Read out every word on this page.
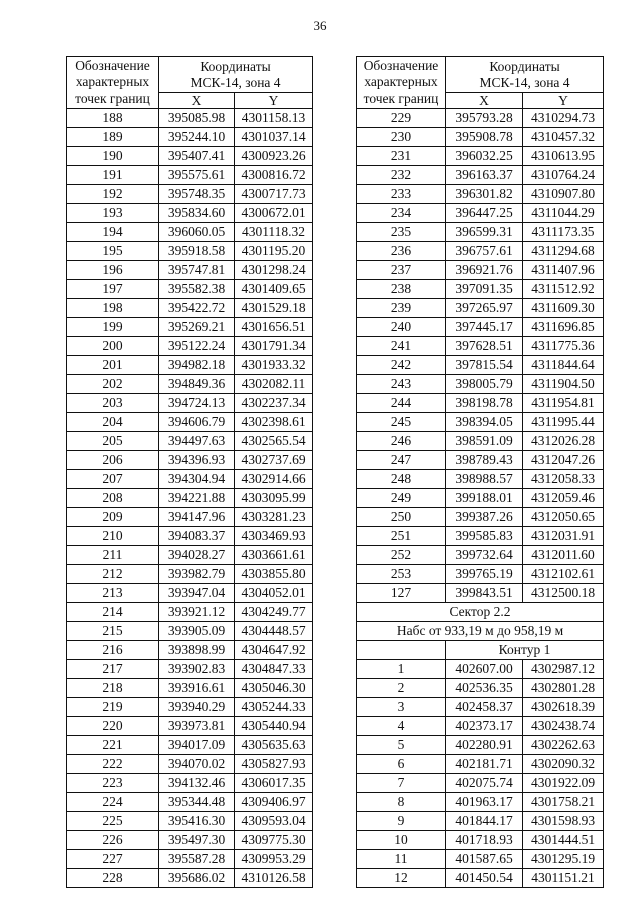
36
Обозначение
характерных
точек границ	Координаты
МСК-14, зона 4	
	X	Y
188	395085.98	4301158.13
189	395244.10	4301037.14
190	395407.41	4300923.26
191	395575.61	4300816.72
192	395748.35	4300717.73
193	395834.60	4300672.01
194	396060.05	4301118.32
195	395918.58	4301195.20
196	395747.81	4301298.24
197	395582.38	4301409.65
198	395422.72	4301529.18
199	395269.21	4301656.51
200	395122.24	4301791.34
201	394982.18	4301933.32
202	394849.36	4302082.11
203	394724.13	4302237.34
204	394606.79	4302398.61
205	394497.63	4302565.54
206	394396.93	4302737.69
207	394304.94	4302914.66
208	394221.88	4303095.99
209	394147.96	4303281.23
210	394083.37	4303469.93
211	394028.27	4303661.61
212	393982.79	4303855.80
213	393947.04	4304052.01
214	393921.12	4304249.77
215	393905.09	4304448.57
216	393898.99	4304647.92
217	393902.83	4304847.33
218	393916.61	4305046.30
219	393940.29	4305244.33
220	393973.81	4305440.94
221	394017.09	4305635.63
222	394070.02	4305827.93
223	394132.46	4306017.35
224	395344.48	4309406.97
225	395416.30	4309593.04
226	395497.30	4309775.30
227	395587.28	4309953.29
228	395686.02	4310126.58
Обозначение
характерных
точек границ	Координаты
МСК-14, зона 4	
	X	Y
229	395793.28	4310294.73
230	395908.78	4310457.32
231	396032.25	4310613.95
232	396163.37	4310764.24
233	396301.82	4310907.80
234	396447.25	4311044.29
235	396599.31	4311173.35
236	396757.61	4311294.68
237	396921.76	4311407.96
238	397091.35	4311512.92
239	397265.97	4311609.30
240	397445.17	4311696.85
241	397628.51	4311775.36
242	397815.54	4311844.64
243	398005.79	4311904.50
244	398198.78	4311954.81
245	398394.05	4311995.44
246	398591.09	4312026.28
247	398789.43	4312047.26
248	398988.57	4312058.33
249	399188.01	4312059.46
250	399387.26	4312050.65
251	399585.83	4312031.91
252	399732.64	4312011.60
253	399765.19	4312102.61
127	399843.51	4312500.18
Сектор 2.2		
Набс от 933,19 м до 958,19 м		
	Контур 1	
1	402607.00	4302987.12
2	402536.35	4302801.28
3	402458.37	4302618.39
4	402373.17	4302438.74
5	402280.91	4302262.63
6	402181.71	4302090.32
7	402075.74	4301922.09
8	401963.17	4301758.21
9	401844.17	4301598.93
10	401718.93	4301444.51
11	401587.65	4301295.19
12	401450.54	4301151.21
